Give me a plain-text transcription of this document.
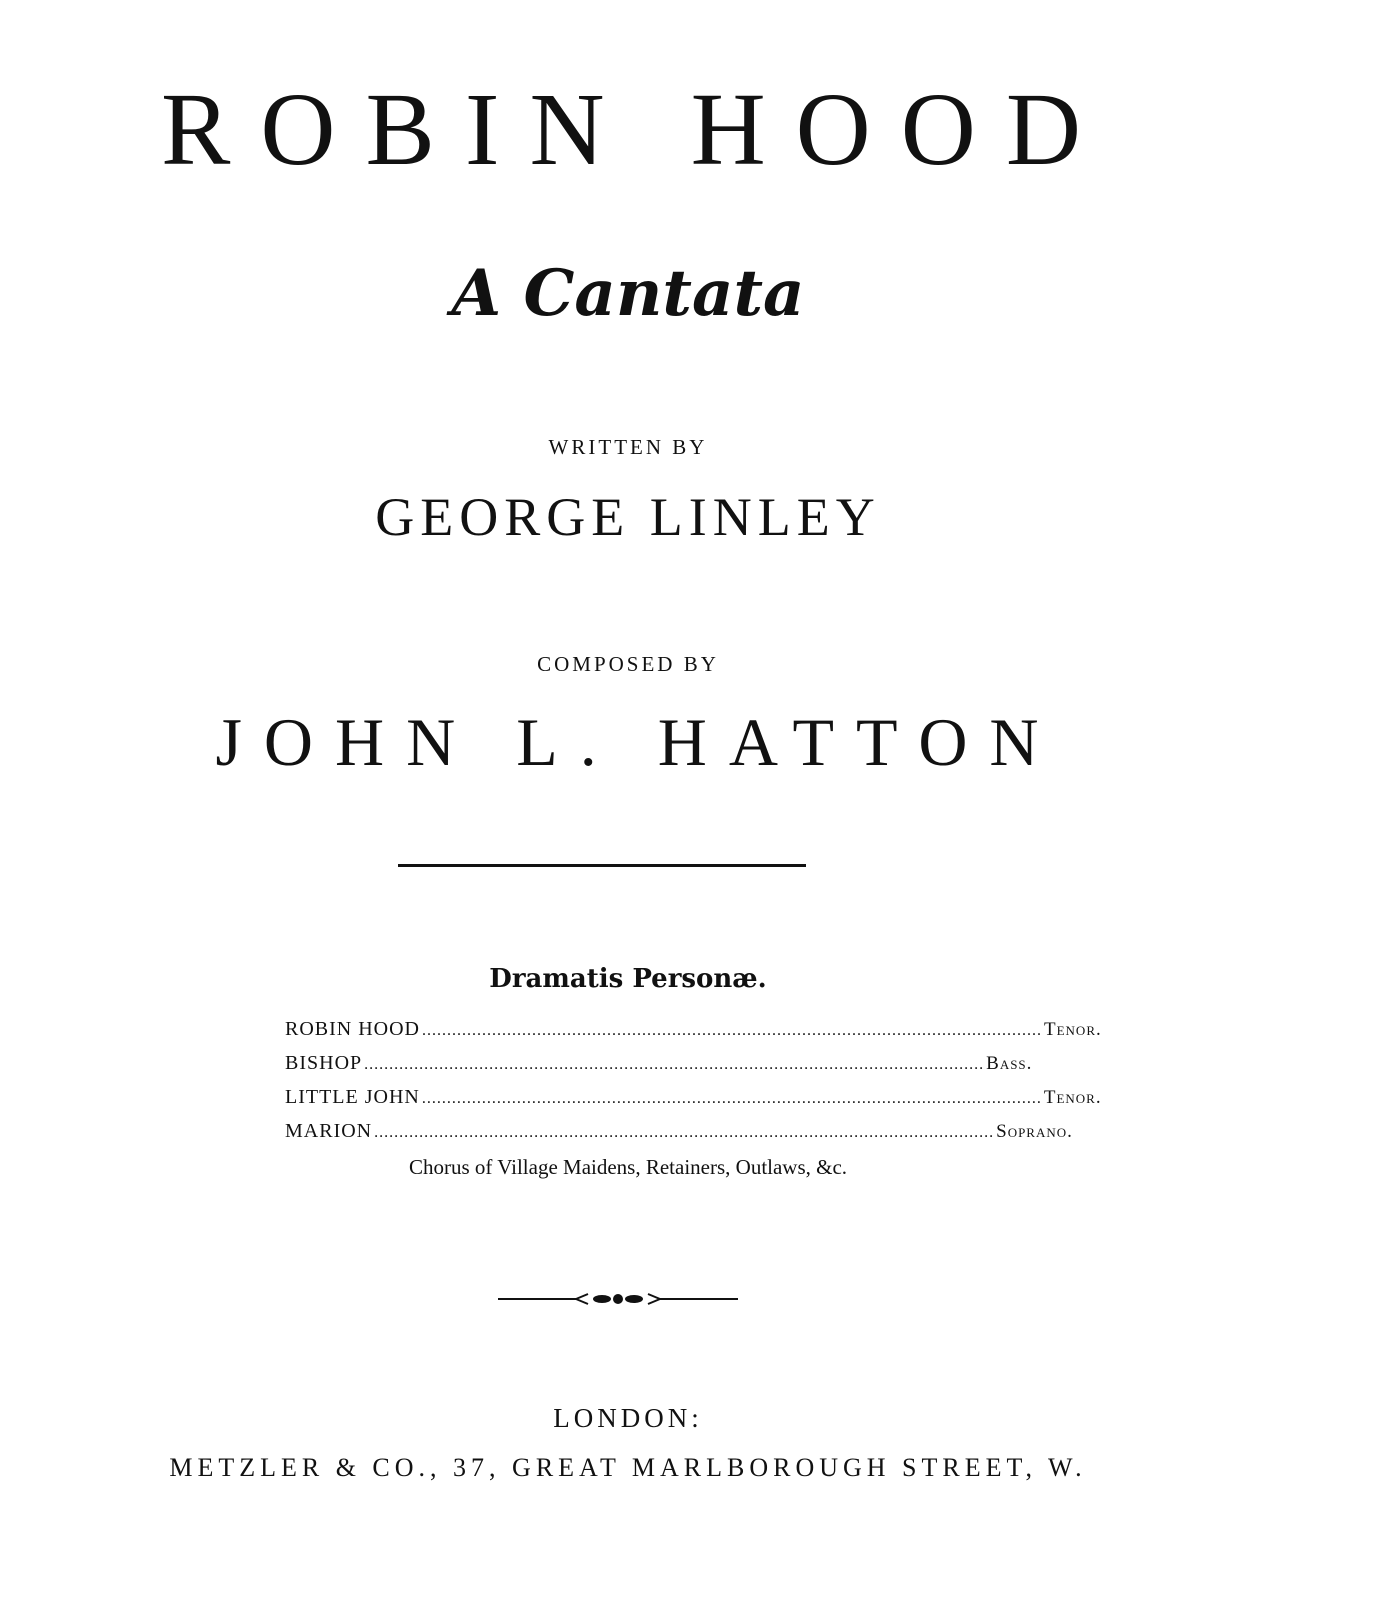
ROBIN HOOD
A Cantata
WRITTEN BY
GEORGE LINLEY
COMPOSED BY
JOHN L. HATTON
Dramatis Personæ.
ROBIN HOOD ............................................................................................................................ Tenor.
BISHOP ............................................................................................................................ Bass.
LITTLE JOHN ............................................................................................................................ Tenor.
MARION ............................................................................................................................ Soprano.
Chorus of Village Maidens, Retainers, Outlaws, &c.
LONDON:
METZLER & CO., 37, GREAT MARLBOROUGH STREET, W.
